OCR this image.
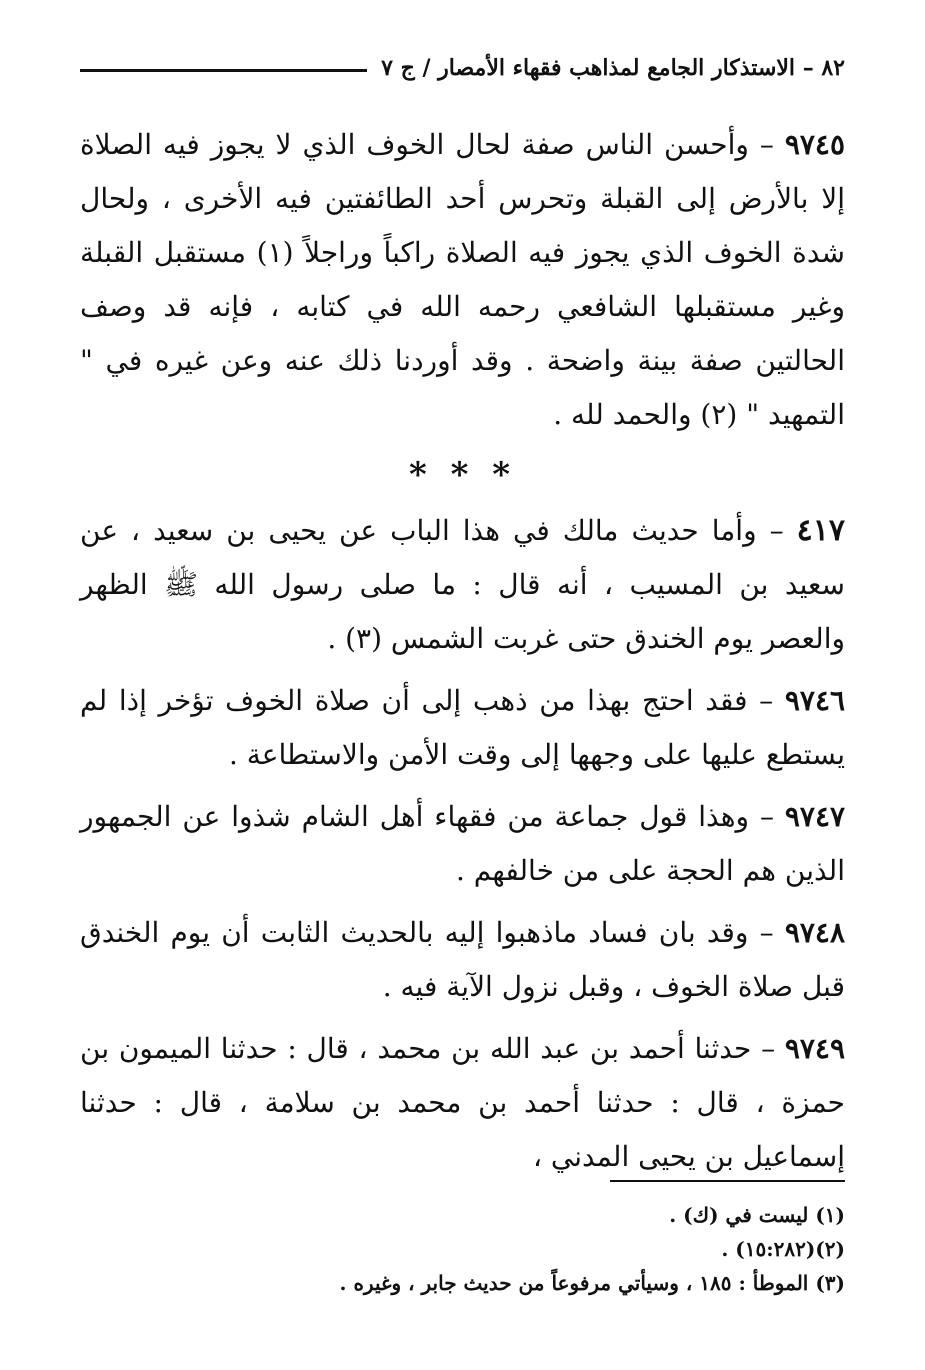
٨٢ – الاستذكار الجامع لمذاهب فقهاء الأمصار / ج ٧

٩٧٤٥ – وأحسن الناس صفة لحال الخوف الذي لا يجوز فيه الصلاة إلا بالأرض إلى القبلة وتحرس أحد الطائفتين فيه الأخرى ، ولحال شدة الخوف الذي يجوز فيه الصلاة راكباً وراجلاً (١) مستقبل القبلة وغير مستقبلها الشافعي رحمه الله في كتابه ، فإنه قد وصف الحالتين صفة بينة واضحة . وقد أوردنا ذلك عنه وعن غيره في " التمهيد " (٢) والحمد لله .

* * *

٤١٧ – وأما حديث مالك في هذا الباب عن يحيى بن سعيد ، عن سعيد بن المسيب ، أنه قال : ما صلى رسول الله ﷺ الظهر والعصر يوم الخندق حتى غربت الشمس (٣) .

٩٧٤٦ – فقد احتج بهذا من ذهب إلى أن صلاة الخوف تؤخر إذا لم يستطع عليها على وجهها إلى وقت الأمن والاستطاعة .

٩٧٤٧ – وهذا قول جماعة من فقهاء أهل الشام شذوا عن الجمهور الذين هم الحجة على من خالفهم .

٩٧٤٨ – وقد بان فساد ماذهبوا إليه بالحديث الثابت أن يوم الخندق قبل صلاة الخوف ، وقبل نزول الآية فيه .

٩٧٤٩ – حدثنا أحمد بن عبد الله بن محمد ، قال : حدثنا الميمون بن حمزة ، قال : حدثنا أحمد بن محمد بن سلامة ، قال : حدثنا إسماعيل بن يحيى المدني ،

(١) ليست في (ك) .
(٢)(١٥:٢٨٢) .
(٣) الموطأ : ١٨٥ ، وسيأتي مرفوعاً من حديث جابر ، وغيره .
